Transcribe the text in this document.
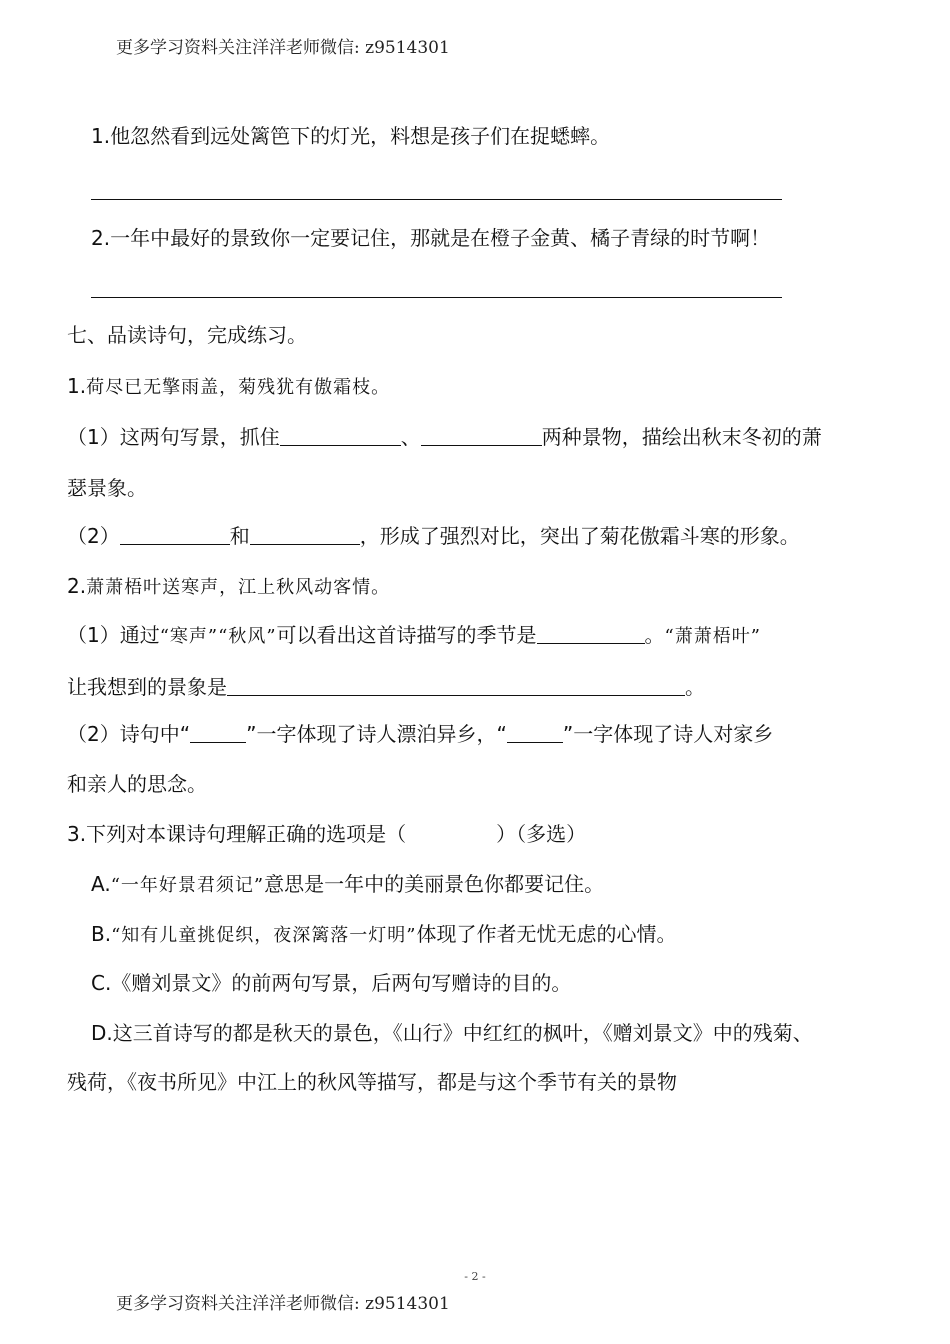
更多学习资料关注洋洋老师微信: z9514301
1.他忽然看到远处篱笆下的灯光，料想是孩子们在捉蟋蟀。
2.一年中最好的景致你一定要记住，那就是在橙子金黄、橘子青绿的时节啊！
七、品读诗句，完成练习。
1.荷尽已无擎雨盖，菊残犹有傲霜枝。
（1）这两句写景，抓住	、	两种景物，描绘出秋末冬初的萧
瑟景象。
（2）	和	，形成了强烈对比，突出了菊花傲霜斗寒的形象。
2.萧萧梧叶送寒声，江上秋风动客情。
（1）通过“寒声”“秋风”可以看出这首诗描写的季节是	。“萧萧梧叶”
让我想到的景象是	。
（2）诗句中“	”一字体现了诗人漂泊异乡，“	”一字体现了诗人对家乡
和亲人的思念。
3.下列对本课诗句理解正确的选项是（	）（多选）
A.“一年好景君须记”意思是一年中的美丽景色你都要记住。
B.“知有儿童挑促织，夜深篱落一灯明”体现了作者无忧无虑的心情。
C.《赠刘景文》的前两句写景，后两句写赠诗的目的。
D.这三首诗写的都是秋天的景色，《山行》中红红的枫叶，《赠刘景文》中的残菊、
残荷，《夜书所见》中江上的秋风等描写，都是与这个季节有关的景物
- 2 -
更多学习资料关注洋洋老师微信: z9514301
